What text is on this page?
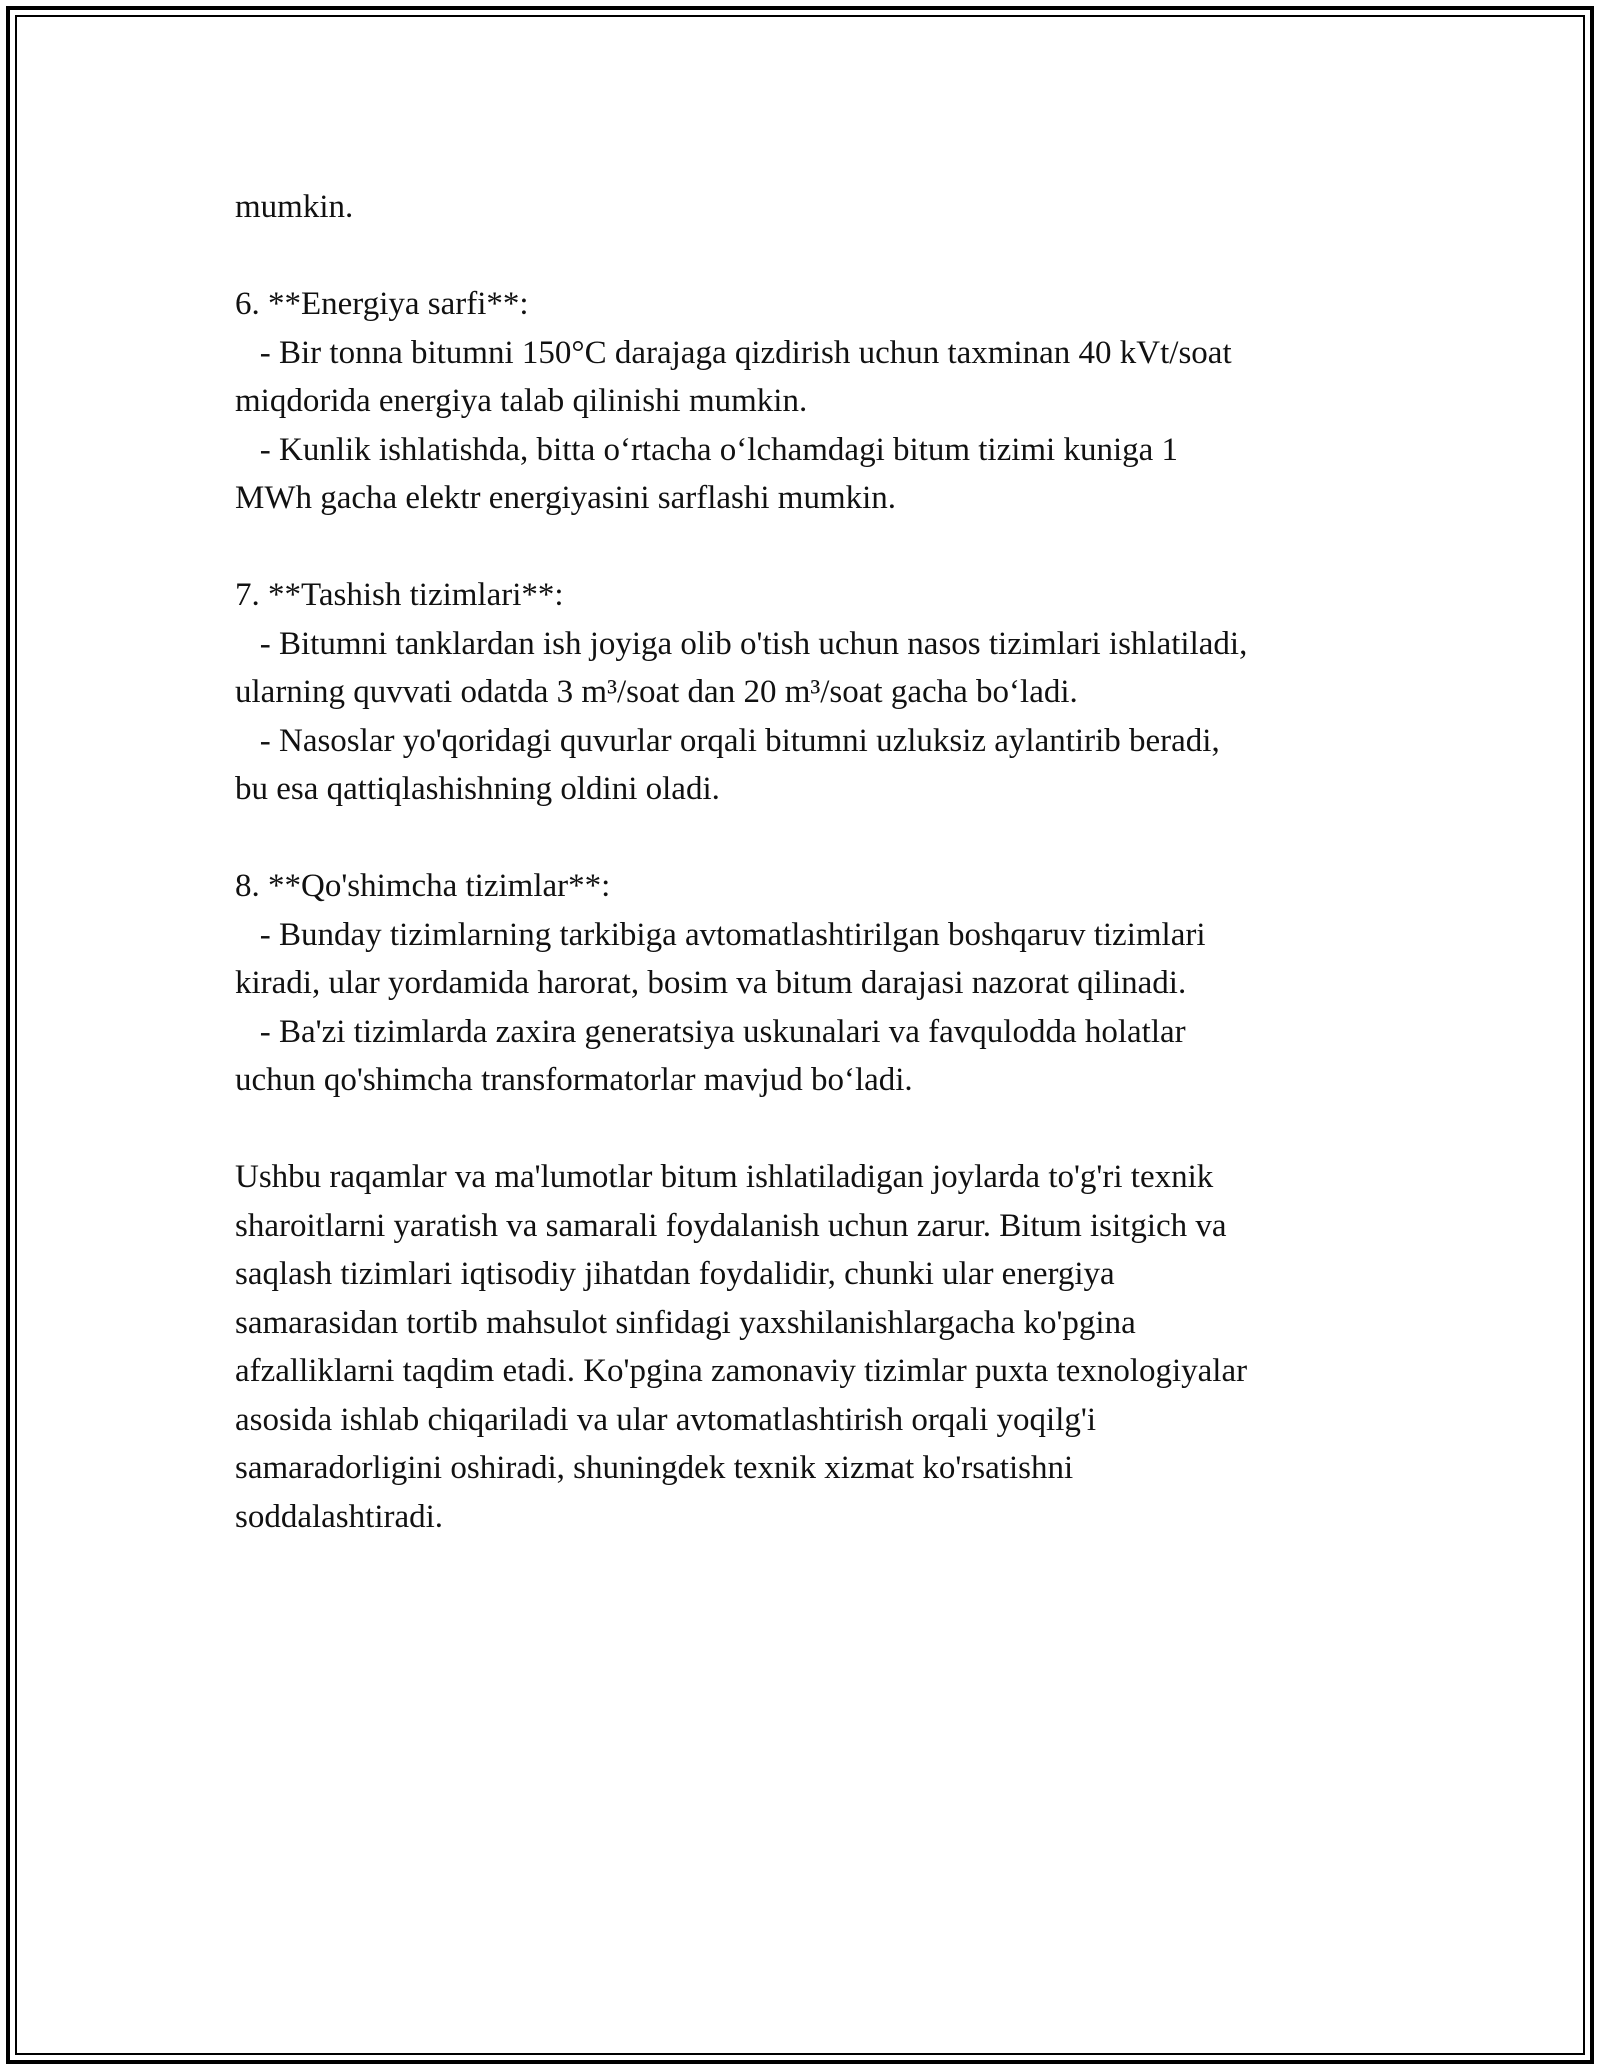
mumkin.
6. **Energiya sarfi**:
- Bir tonna bitumni 150°C darajaga qizdirish uchun taxminan 40 kVt/soat
miqdorida energiya talab qilinishi mumkin.
- Kunlik ishlatishda, bitta o‘rtacha o‘lchamdagi bitum tizimi kuniga 1
MWh gacha elektr energiyasini sarflashi mumkin.
7. **Tashish tizimlari**:
- Bitumni tanklardan ish joyiga olib o'tish uchun nasos tizimlari ishlatiladi,
ularning quvvati odatda 3 m³/soat dan 20 m³/soat gacha bo‘ladi.
- Nasoslar yo'qoridagi quvurlar orqali bitumni uzluksiz aylantirib beradi,
bu esa qattiqlashishning oldini oladi.
8. **Qo'shimcha tizimlar**:
- Bunday tizimlarning tarkibiga avtomatlashtirilgan boshqaruv tizimlari
kiradi, ular yordamida harorat, bosim va bitum darajasi nazorat qilinadi.
- Ba'zi tizimlarda zaxira generatsiya uskunalari va favqulodda holatlar
uchun qo'shimcha transformatorlar mavjud bo‘ladi.
Ushbu raqamlar va ma'lumotlar bitum ishlatiladigan joylarda to'g'ri texnik
sharoitlarni yaratish va samarali foydalanish uchun zarur. Bitum isitgich va
saqlash tizimlari iqtisodiy jihatdan foydalidir, chunki ular energiya
samarasidan tortib mahsulot sinfidagi yaxshilanishlargacha ko'pgina
afzalliklarni taqdim etadi. Ko'pgina zamonaviy tizimlar puxta texnologiyalar
asosida ishlab chiqariladi va ular avtomatlashtirish orqali yoqilg'i
samaradorligini oshiradi, shuningdek texnik xizmat ko'rsatishni
soddalashtiradi.
